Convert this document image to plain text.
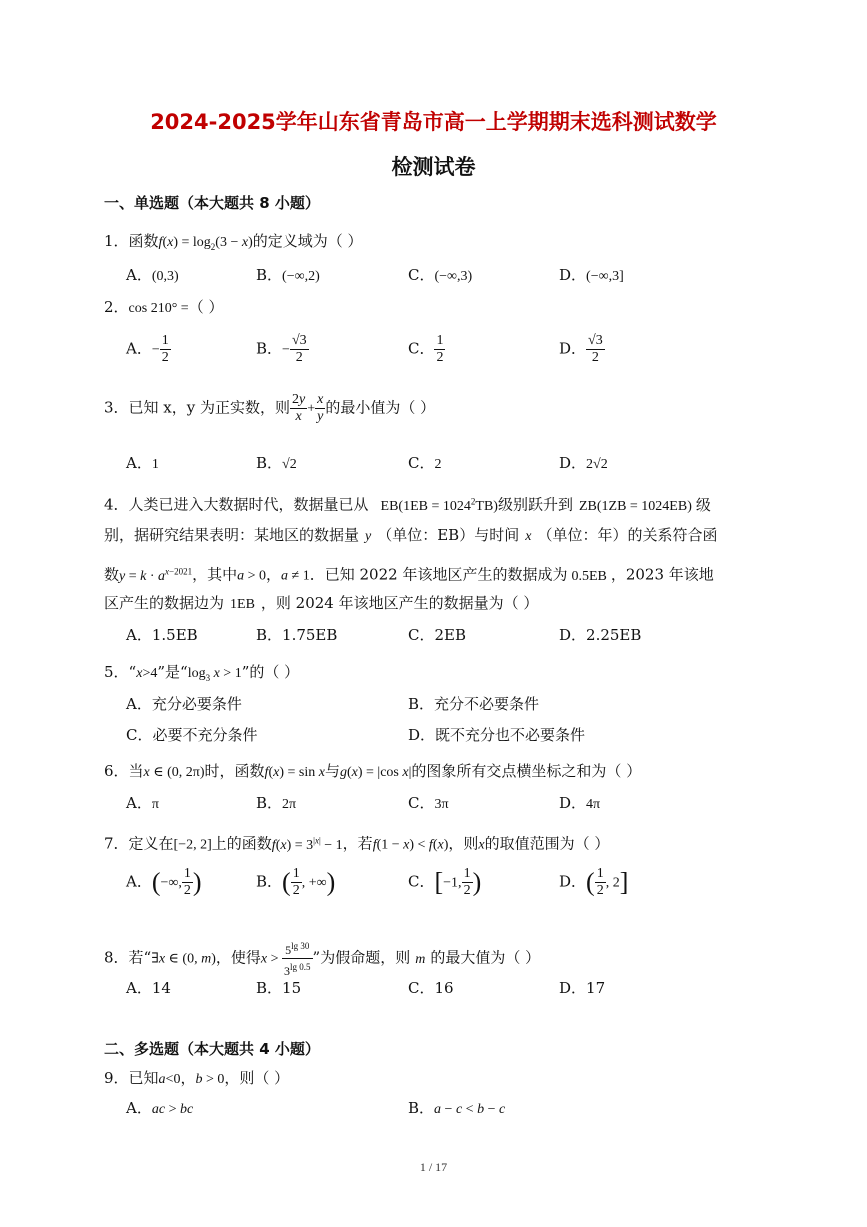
2024-2025学年山东省青岛市高一上学期期末选科测试数学
检测试卷
一、单选题（本大题共 8 小题）
1．函数$f(x) = \log_2(3 - x)$的定义域为（ ）
A．(0,3)	B．(−∞,2)	C．(−∞,3)	D．(−∞,3]
2．cos 210° =（ ）
A．− $\frac{1}{2}$	B．− $\frac{√3}{2}$	C． $\frac{1}{2}$	D． $\frac{√3}{2}$
3．已知 x，y 为正实数，则 $\frac{2y}{x} + \frac{x}{y}$ 的最小值为（ ）
A．1	B．√2	C．2	D．2√2
4．人类已进入大数据时代，数据量已从 $EB(1EB = 1024^2TB)$级别跃升到 ZB(1ZB = 1024EB) 级
别，据研究结果表明：某地区的数据量 y （单位：EB）与时间 x （单位：年）的关系符合函
数$y = k \cdot a^{x-2021}$，其中a > 0，a ≠ 1．已知 2022 年该地区产生的数据成为 0.5EB ，2023 年该地
区产生的数据边为 1EB ，则 2024 年该地区产生的数据量为（ ）
A．1.5EB	B．1.75EB	C．2EB	D．2.25EB
5．“x>4”是“$\log_3$ x > 1”的（ ）
A．充分必要条件	B．充分不必要条件
C．必要不充分条件	D．既不充分也不必要条件
6．当x ∈ (0, 2π)时，函数f(x) = sin x与g(x) = |cos x|的图象所有交点横坐标之和为（ ）
A．π	B．2π	C．3π	D．4π
7．定义在[−2, 2]上的函数$f(x) = 3^{|x|} - 1$，若f(1 − x) < f(x)，则x的取值范围为（ ）
A．(−∞, $\frac{1}{2}$ )	B．( $\frac{1}{2}$ , +∞)	C．[−1, $\frac{1}{2}$ )	D．( $\frac{1}{2}$ , 2]
8．若“∃x ∈ (0, m)，使得$x > \frac{5^{lg 30}}{3^{lg 0.5}}$ ”为假命题，则 m 的最大值为（ ）
A．14	B．15	C．16	D．17
二、多选题（本大题共 4 小题）
9．已知a<0，b > 0，则（ ）
A．ac > bc	B．a − c < b − c
1 / 17
